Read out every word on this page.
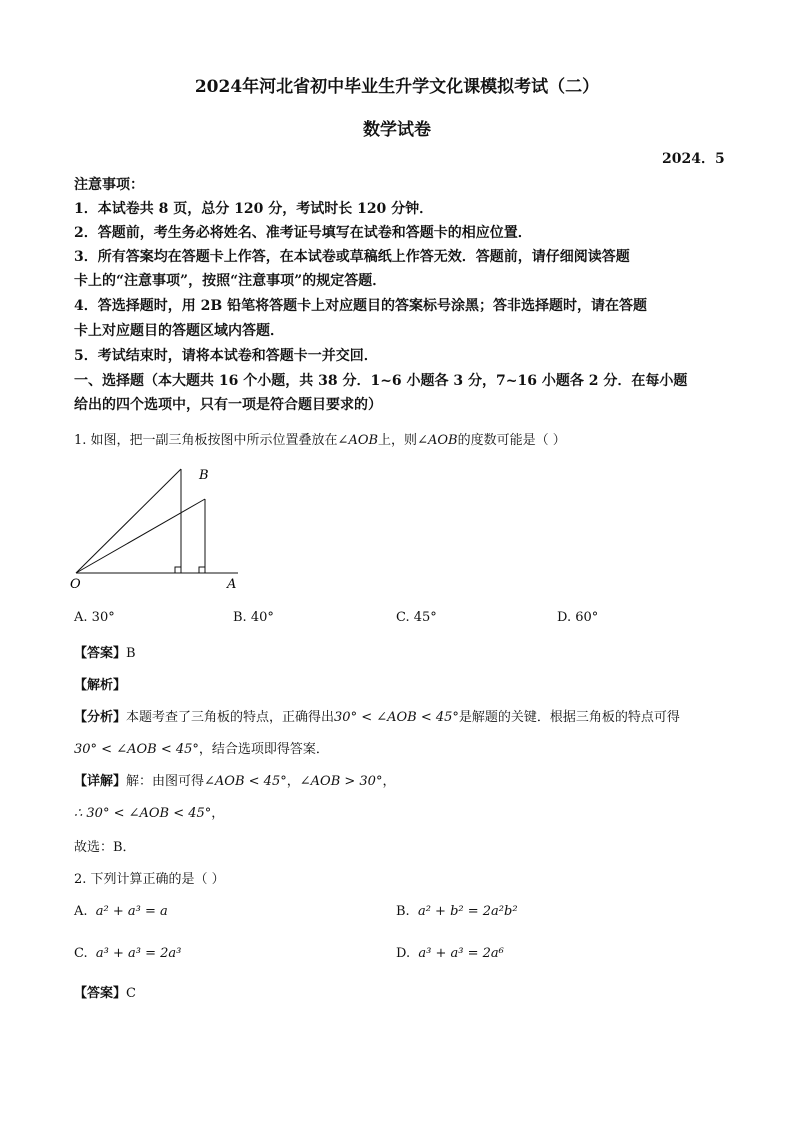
2024年河北省初中毕业生升学文化课模拟考试（二）
数学试卷
2024．5
注意事项：
1．本试卷共 8 页，总分 120 分，考试时长 120 分钟．
2．答题前，考生务必将姓名、准考证号填写在试卷和答题卡的相应位置．
3．所有答案均在答题卡上作答，在本试卷或草稿纸上作答无效．答题前，请仔细阅读答题
卡上的“注意事项”，按照“注意事项”的规定答题．
4．答选择题时，用 2B 铅笔将答题卡上对应题目的答案标号涂黑；答非选择题时，请在答题
卡上对应题目的答题区域内答题．
5．考试结束时，请将本试卷和答题卡一并交回．
一、选择题（本大题共 16 个小题，共 38 分．1~6 小题各 3 分，7~16 小题各 2 分．在每小题
给出的四个选项中，只有一项是符合题目要求的）
1. 如图，把一副三角板按图中所示位置叠放在∠AOB上，则∠AOB的度数可能是（ ）
O	A
B
A. 30°	B. 40°	C. 45°	D. 60°
【答案】B
【解析】
【分析】本题考查了三角板的特点，正确得出30° < ∠AOB < 45°是解题的关键．根据三角板的特点可得
30° < ∠AOB < 45°，结合选项即得答案．
【详解】解：由图可得∠AOB < 45°，∠AOB > 30°，
∴ 30° < ∠AOB < 45°，
故选：B．
2. 下列计算正确的是（ ）
A. a² + a³ = a	B. a² + b² = 2a²b²
C. a³ + a³ = 2a³	D. a³ + a³ = 2a⁶
【答案】C
